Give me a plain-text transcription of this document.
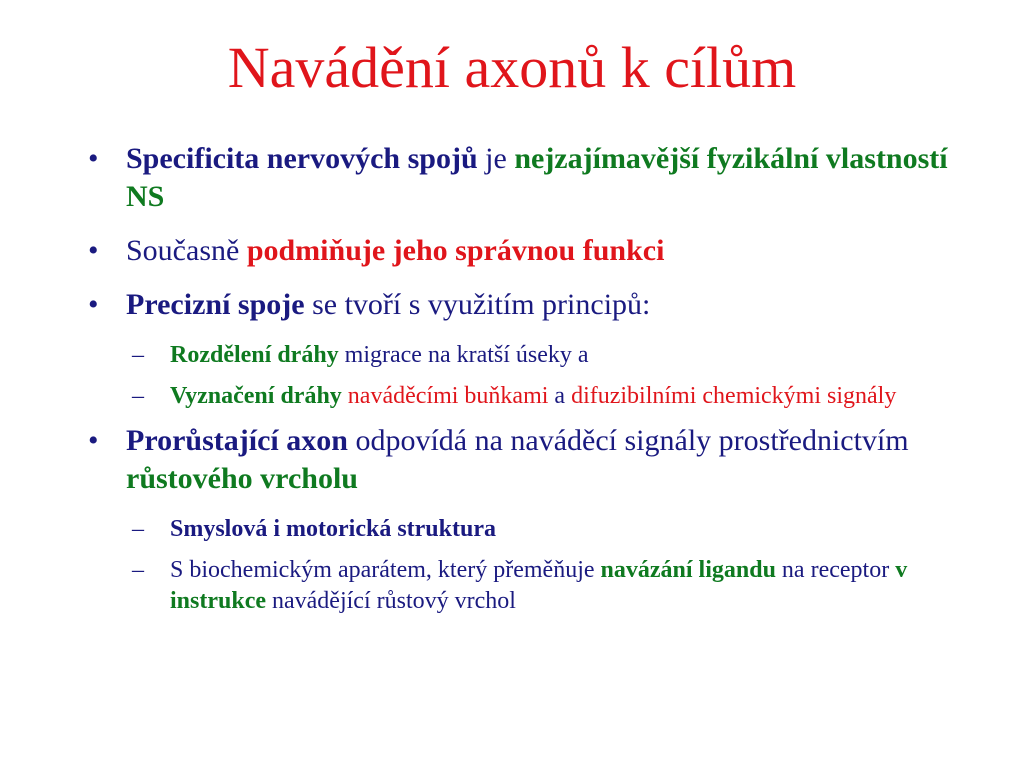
Navádění axonů k cílům
• Specificita nervových spojů je nejzajímavější fyzikální vlastností NS
• Současně podmiňuje jeho správnou funkci
• Precizní spoje se tvoří s využitím principů:
– Rozdělení dráhy migrace na kratší úseky a
– Vyznačení dráhy naváděcími buňkami a difuzibilními chemickými signály
• Prorůstající axon odpovídá na naváděcí signály prostřednictvím růstového vrcholu
– Smyslová i motorická struktura
– S biochemickým aparátem, který přeměňuje navázání ligandu na receptor v instrukce navádějící růstový vrchol
